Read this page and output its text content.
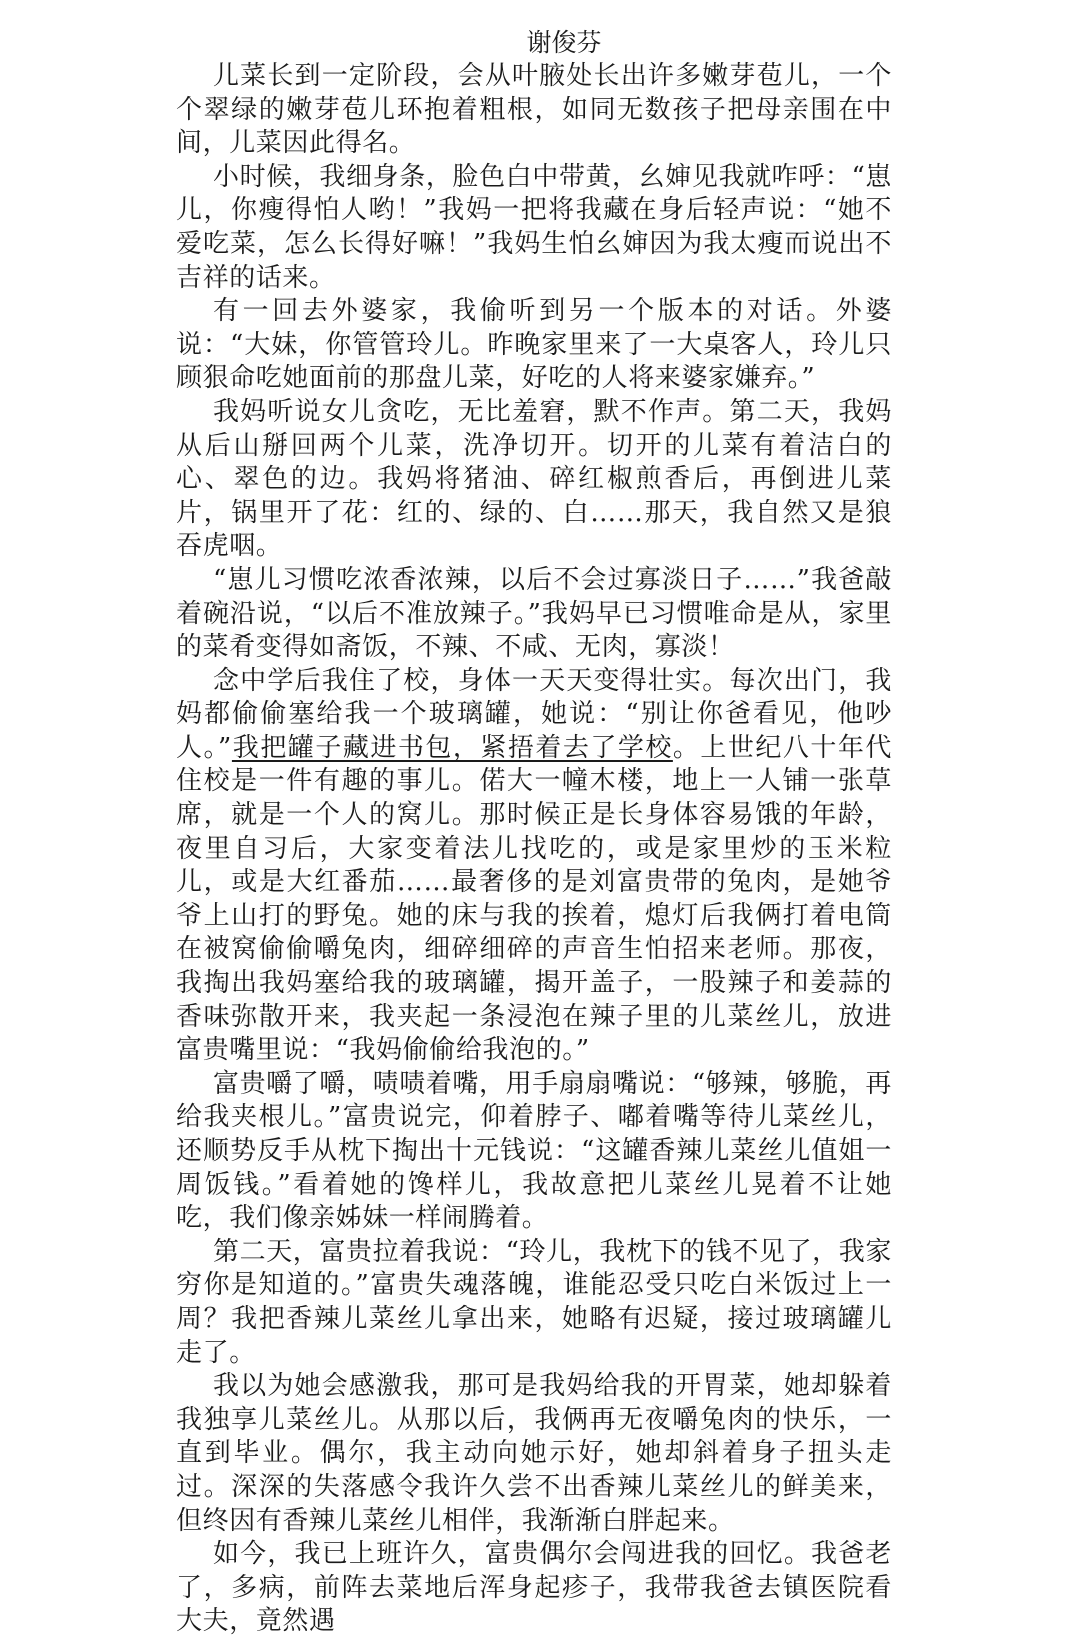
谢俊芬

儿菜长到一定阶段，会从叶腋处长出许多嫩芽苞儿，一个个翠绿的嫩芽苞儿环抱着粗根，如同无数孩子把母亲围在中间，儿菜因此得名。

小时候，我细身条，脸色白中带黄，幺婶见我就咋呼：“崽儿，你瘦得怕人哟！”我妈一把将我藏在身后轻声说：“她不爱吃菜，怎么长得好嘛！”我妈生怕幺婶因为我太瘦而说出不吉祥的话来。

有一回去外婆家，我偷听到另一个版本的对话。外婆说：“大妹，你管管玲儿。昨晚家里来了一大桌客人，玲儿只顾狠命吃她面前的那盘儿菜，好吃的人将来婆家嫌弃。”

我妈听说女儿贪吃，无比羞窘，默不作声。第二天，我妈从后山掰回两个儿菜，洗净切开。切开的儿菜有着洁白的心、翠色的边。我妈将猪油、碎红椒煎香后，再倒进儿菜片，锅里开了花：红的、绿的、白……那天，我自然又是狼吞虎咽。

“崽儿习惯吃浓香浓辣，以后不会过寡淡日子……”我爸敲着碗沿说，“以后不准放辣子。”我妈早已习惯唯命是从，家里的菜肴变得如斋饭，不辣、不咸、无肉，寡淡！

念中学后我住了校，身体一天天变得壮实。每次出门，我妈都偷偷塞给我一个玻璃罐，她说：“别让你爸看见，他吵人。”我把罐子藏进书包，紧捂着去了学校。上世纪八十年代住校是一件有趣的事儿。偌大一幢木楼，地上一人铺一张草席，就是一个人的窝儿。那时候正是长身体容易饿的年龄，夜里自习后，大家变着法儿找吃的，或是家里炒的玉米粒儿，或是大红番茄……最奢侈的是刘富贵带的兔肉，是她爷爷上山打的野兔。她的床与我的挨着，熄灯后我俩打着电筒在被窝偷偷嚼兔肉，细碎细碎的声音生怕招来老师。那夜，我掏出我妈塞给我的玻璃罐，揭开盖子，一股辣子和姜蒜的香味弥散开来，我夹起一条浸泡在辣子里的儿菜丝儿，放进富贵嘴里说：“我妈偷偷给我泡的。”

富贵嚼了嚼，啧啧着嘴，用手扇扇嘴说：“够辣，够脆，再给我夹根儿。”富贵说完，仰着脖子、嘟着嘴等待儿菜丝儿，还顺势反手从枕下掏出十元钱说：“这罐香辣儿菜丝儿值姐一周饭钱。”看着她的馋样儿，我故意把儿菜丝儿晃着不让她吃，我们像亲姊妹一样闹腾着。

第二天，富贵拉着我说：“玲儿，我枕下的钱不见了，我家穷你是知道的。”富贵失魂落魄，谁能忍受只吃白米饭过上一周？我把香辣儿菜丝儿拿出来，她略有迟疑，接过玻璃罐儿走了。

我以为她会感激我，那可是我妈给我的开胃菜，她却躲着我独享儿菜丝儿。从那以后，我俩再无夜嚼兔肉的快乐，一直到毕业。偶尔，我主动向她示好，她却斜着身子扭头走过。深深的失落感令我许久尝不出香辣儿菜丝儿的鲜美来，但终因有香辣儿菜丝儿相伴，我渐渐白胖起来。

如今，我已上班许久，富贵偶尔会闯进我的回忆。我爸老了，多病，前阵去菜地后浑身起疹子，我带我爸去镇医院看大夫，竟然遇
